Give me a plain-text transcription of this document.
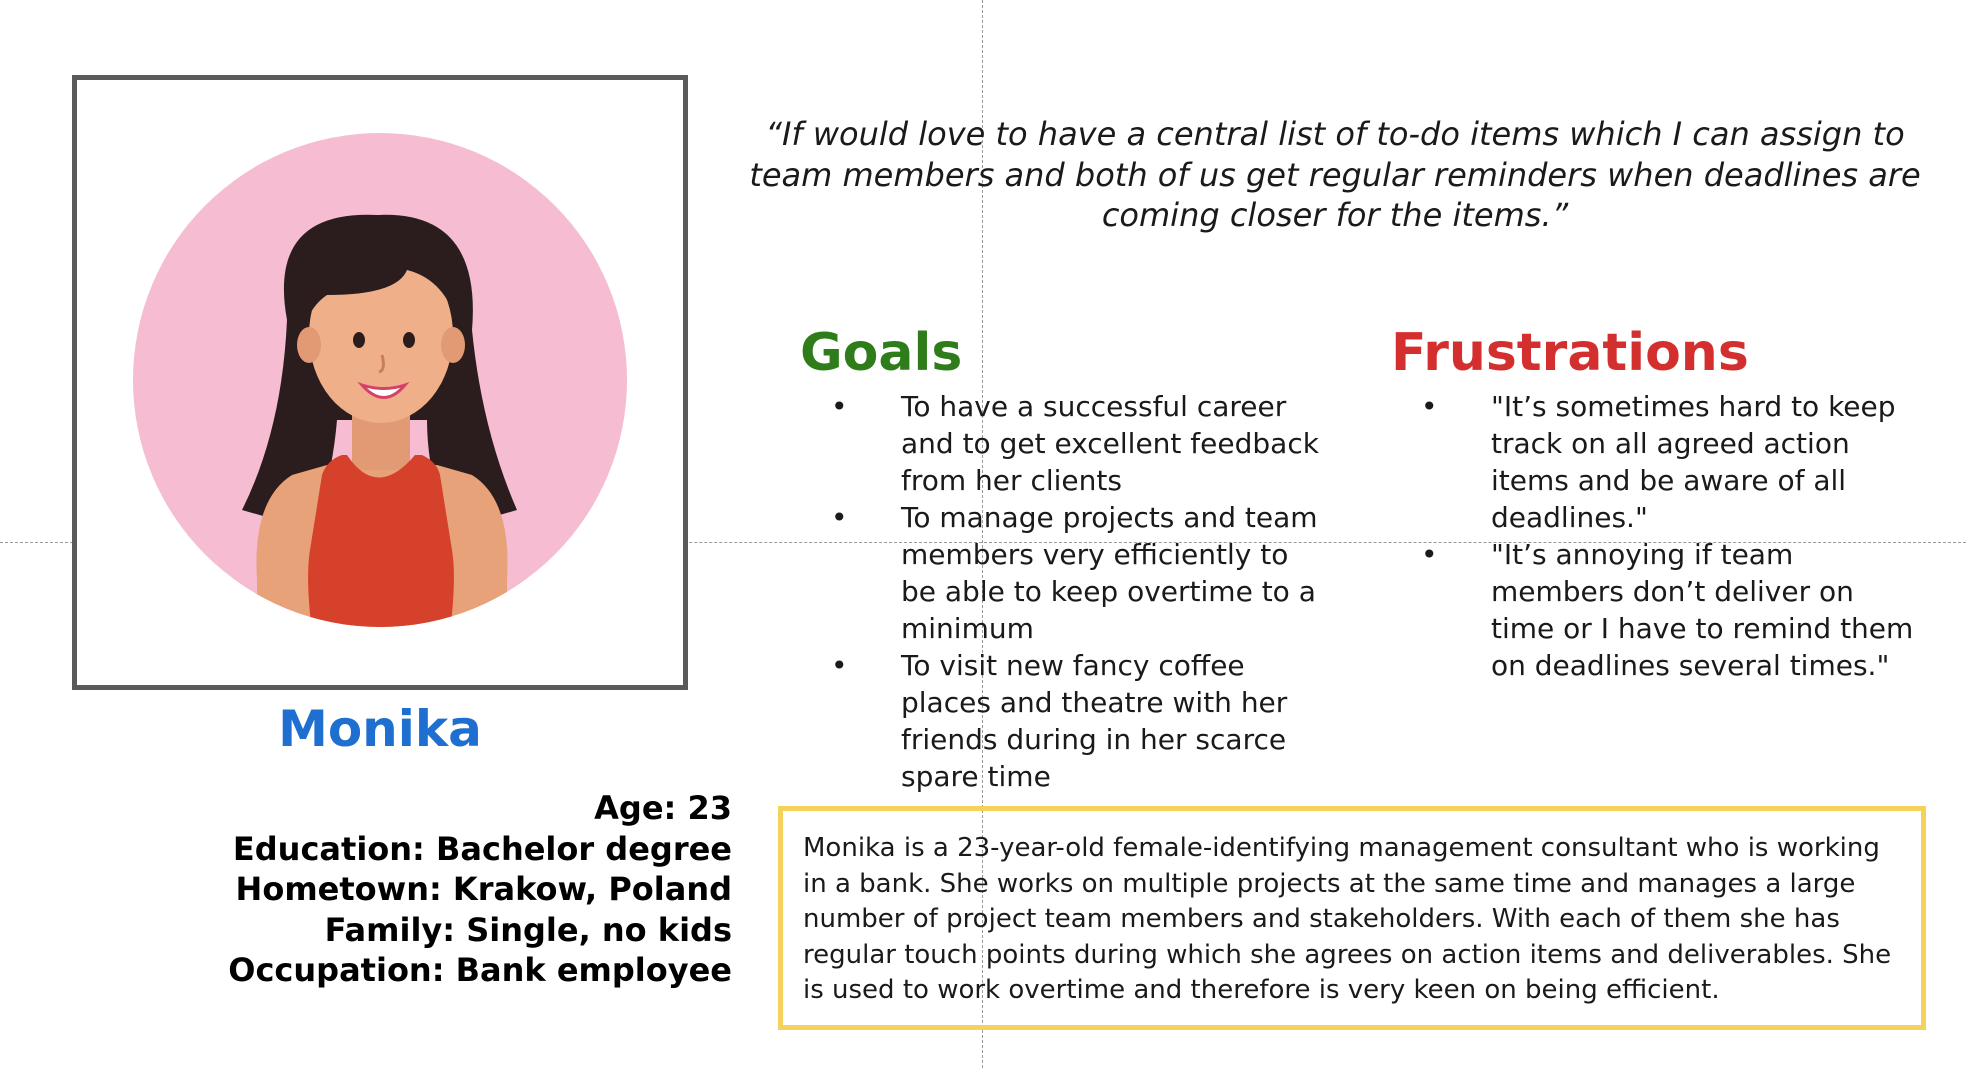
Monika
Age: 23
Education: Bachelor degree
Hometown: Krakow, Poland
Family: Single, no kids
Occupation: Bank employee
“If would love to have a central list of to-do items which I can assign to team members and both of us get regular reminders when deadlines are coming closer for the items.”
Goals
• To have a successful career and to get excellent feedback from her clients
• To manage projects and team members very efficiently to be able to keep overtime to a minimum
• To visit new fancy coffee places and theatre with her friends during in her scarce spare time
Frustrations
• "It’s sometimes hard to keep track on all agreed action items and be aware of all deadlines."
• "It’s annoying if team members don’t deliver on time or I have to remind them on deadlines several times."
Monika is a 23-year-old female-identifying management consultant who is working in a bank. She works on multiple projects at the same time and manages a large number of project team members and stakeholders. With each of them she has regular touch points during which she agrees on action items and deliverables. She is used to work overtime and therefore is very keen on being efficient.
